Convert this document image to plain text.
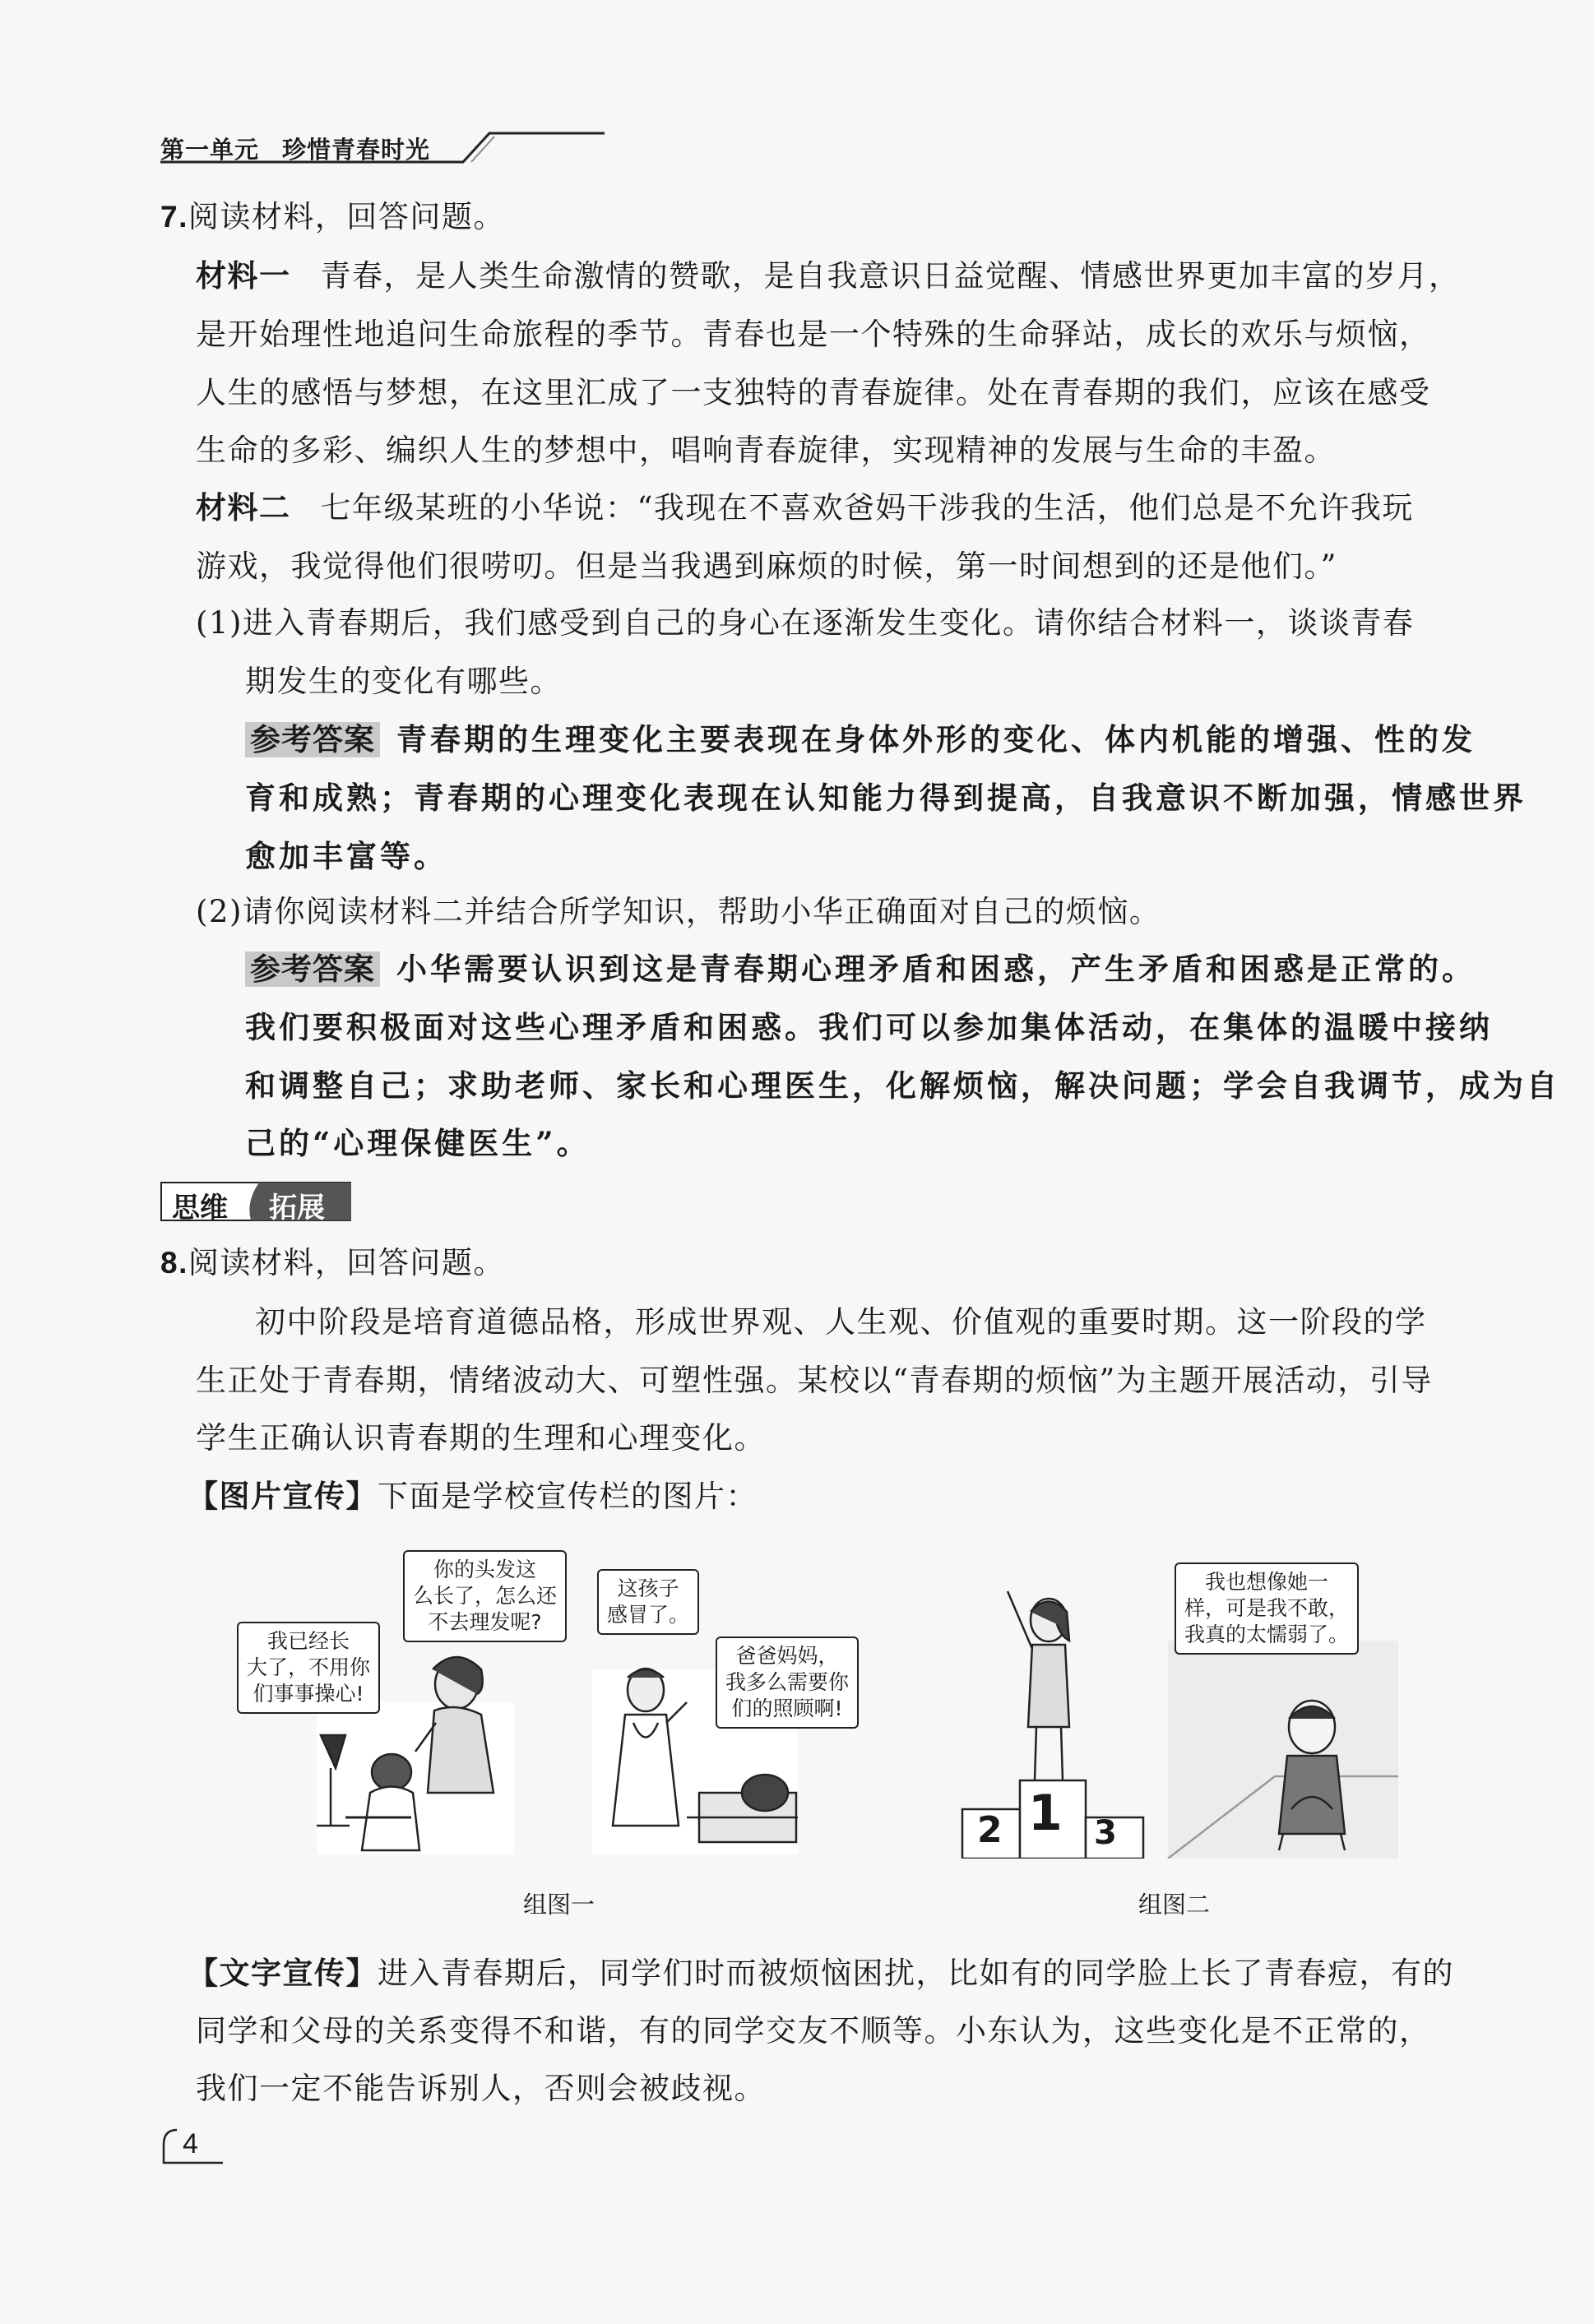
第一单元 珍惜青春时光
7.阅读材料，回答问题。
材料一 青春，是人类生命激情的赞歌，是自我意识日益觉醒、情感世界更加丰富的岁月，
是开始理性地追问生命旅程的季节。青春也是一个特殊的生命驿站，成长的欢乐与烦恼，
人生的感悟与梦想，在这里汇成了一支独特的青春旋律。处在青春期的我们，应该在感受
生命的多彩、编织人生的梦想中，唱响青春旋律，实现精神的发展与生命的丰盈。
材料二 七年级某班的小华说：“我现在不喜欢爸妈干涉我的生活，他们总是不允许我玩
游戏，我觉得他们很唠叨。但是当我遇到麻烦的时候，第一时间想到的还是他们。”
(1)进入青春期后，我们感受到自己的身心在逐渐发生变化。请你结合材料一，谈谈青春
期发生的变化有哪些。
参考答案 青春期的生理变化主要表现在身体外形的变化、体内机能的增强、性的发
育和成熟；青春期的心理变化表现在认知能力得到提高，自我意识不断加强，情感世界
愈加丰富等。
(2)请你阅读材料二并结合所学知识，帮助小华正确面对自己的烦恼。
参考答案 小华需要认识到这是青春期心理矛盾和困惑，产生矛盾和困惑是正常的。
我们要积极面对这些心理矛盾和困惑。我们可以参加集体活动，在集体的温暖中接纳
和调整自己；求助老师、家长和心理医生，化解烦恼，解决问题；学会自我调节，成为自
己的“心理保健医生”。
思维 拓展
8.阅读材料，回答问题。
初中阶段是培育道德品格，形成世界观、人生观、价值观的重要时期。这一阶段的学
生正处于青春期，情绪波动大、可塑性强。某校以“青春期的烦恼”为主题开展活动，引导
学生正确认识青春期的生理和心理变化。
【图片宣传】下面是学校宣传栏的图片：
你的头发这
么长了，怎么还
不去理发呢?
我已经长
大了，不用你
们事事操心!
这孩子
感冒了。
爸爸妈妈，
我多么需要你
们的照顾啊!
2 1 3
我也想像她一
样，可是我不敢，
我真的太懦弱了。
组图一	组图二
【文字宣传】进入青春期后，同学们时而被烦恼困扰，比如有的同学脸上长了青春痘，有的
同学和父母的关系变得不和谐，有的同学交友不顺等。小东认为，这些变化是不正常的，
我们一定不能告诉别人，否则会被歧视。
4
